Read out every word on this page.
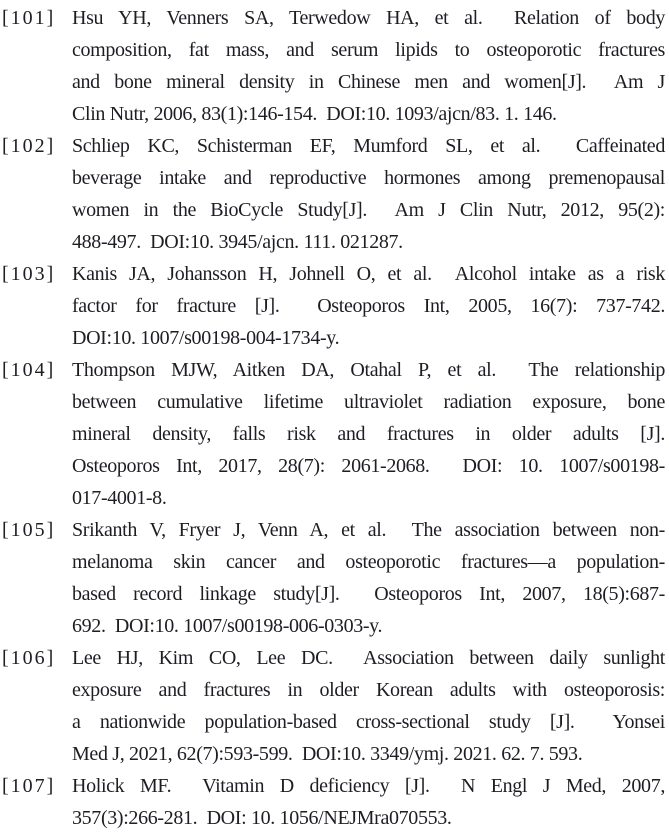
[101] Hsu YH, Venners SA, Terwedow HA, et al.  Relation of body
composition, fat mass, and serum lipids to osteoporotic fractures
and bone mineral density in Chinese men and women[J].  Am J
Clin Nutr, 2006, 83(1):146-154.  DOI:10. 1093/ajcn/83. 1. 146.
[102] Schliep KC, Schisterman EF, Mumford SL, et al.  Caffeinated
beverage intake and reproductive hormones among premenopausal
women in the BioCycle Study[J].  Am J Clin Nutr, 2012, 95(2):
488-497.  DOI:10. 3945/ajcn. 111. 021287.
[103] Kanis JA, Johansson H, Johnell O, et al.  Alcohol intake as a risk
factor for fracture [J].  Osteoporos Int, 2005, 16(7): 737-742.
DOI:10. 1007/s00198-004-1734-y.
[104] Thompson MJW, Aitken DA, Otahal P, et al.  The relationship
between cumulative lifetime ultraviolet radiation exposure, bone
mineral density, falls risk and fractures in older adults [J].
Osteoporos Int, 2017, 28(7): 2061-2068.  DOI: 10. 1007/s00198-
017-4001-8.
[105] Srikanth V, Fryer J, Venn A, et al.  The association between non-
melanoma skin cancer and osteoporotic fractures—a population-
based record linkage study[J].  Osteoporos Int, 2007, 18(5):687-
692.  DOI:10. 1007/s00198-006-0303-y.
[106] Lee HJ, Kim CO, Lee DC.  Association between daily sunlight
exposure and fractures in older Korean adults with osteoporosis:
a nationwide population-based cross-sectional study [J].  Yonsei
Med J, 2021, 62(7):593-599.  DOI:10. 3349/ymj. 2021. 62. 7. 593.
[107] Holick MF.  Vitamin D deficiency [J].  N Engl J Med, 2007,
357(3):266-281.  DOI: 10. 1056/NEJMra070553.
